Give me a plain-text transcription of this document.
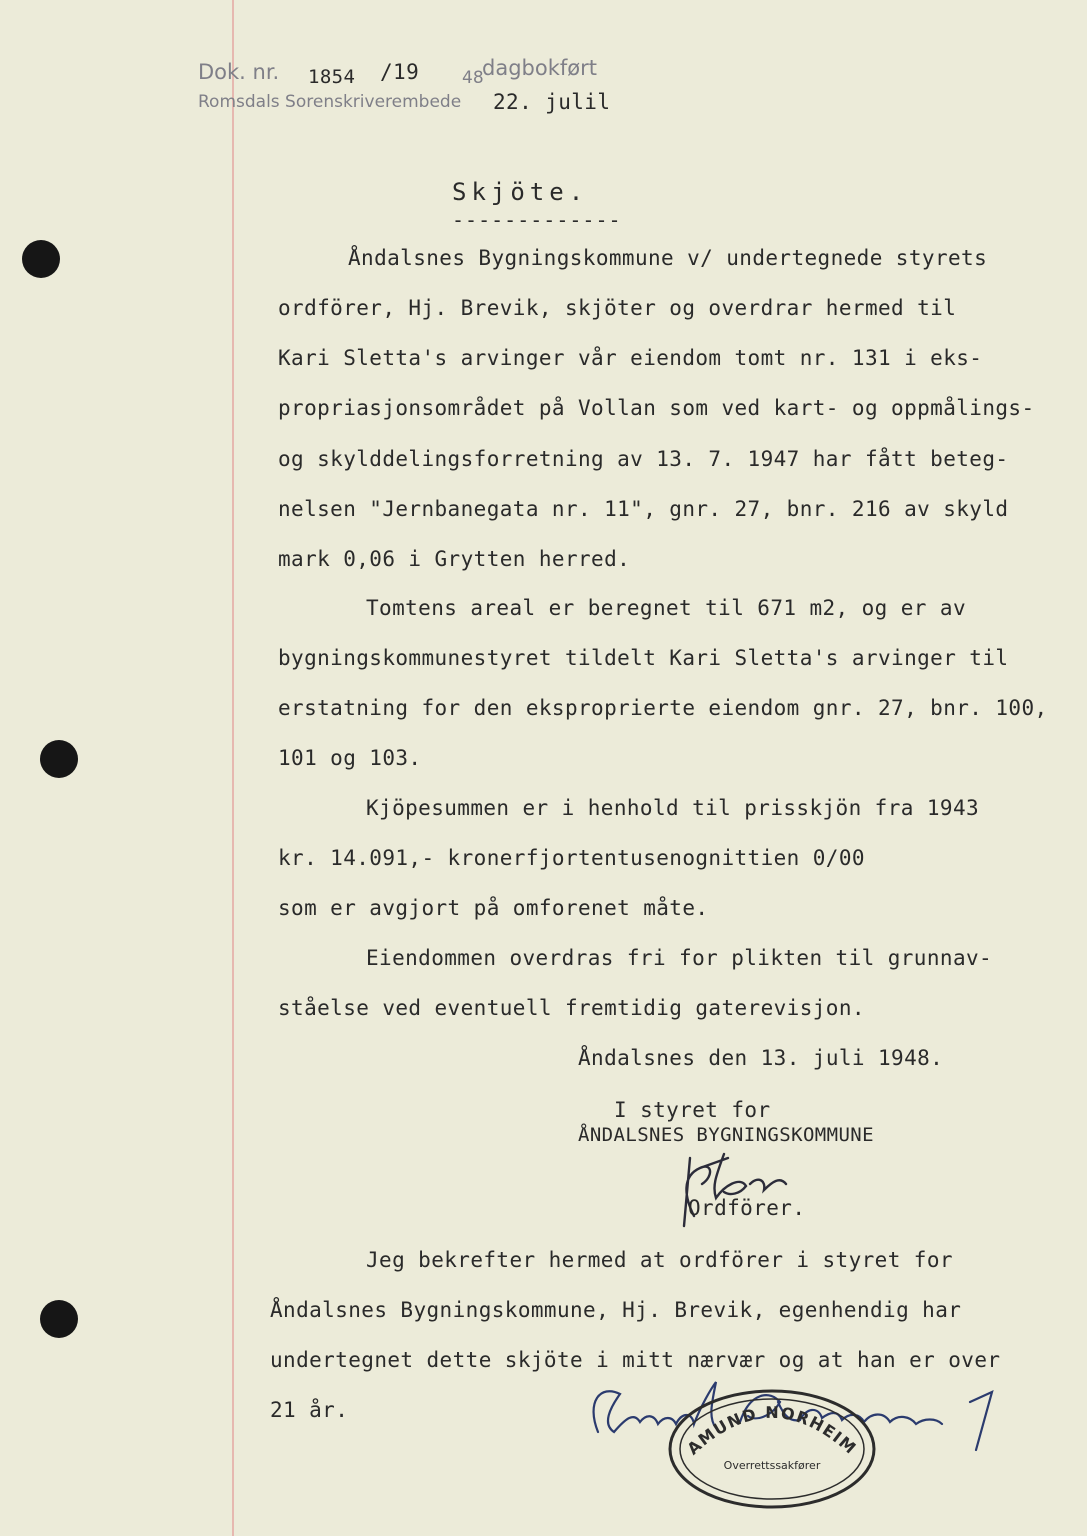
Dok. nr. 1854 /19	48
dagbokført
Romsdals Sorenskriverembede 22. julil
Skjöte.
-------------
Åndalsnes Bygningskommune v/ undertegnede styrets
ordförer, Hj. Brevik, skjöter og overdrar hermed til
Kari Sletta's arvinger vår eiendom tomt nr. 131 i eks-
propriasjonsområdet på Vollan som ved kart- og oppmålings-
og skylddelingsforretning av 13. 7. 1947 har fått beteg-
nelsen "Jernbanegata nr. 11", gnr. 27, bnr. 216 av skyld
mark 0,06 i Grytten herred.
Tomtens areal er beregnet til 671 m2, og er av
bygningskommunestyret tildelt Kari Sletta's arvinger til
erstatning for den eksproprierte eiendom gnr. 27, bnr. 100,
101 og 103.
Kjöpesummen er i henhold til prisskjön fra 1943
kr. 14.091,- kronerfjortentusenognittien 0/00
som er avgjort på omforenet måte.
Eiendommen overdras fri for plikten til grunnav-
ståelse ved eventuell fremtidig gaterevisjon.
Åndalsnes den 13. juli 1948.
I styret for
ÅNDALSNES BYGNINGSKOMMUNE
Ordförer.
Jeg bekrefter hermed at ordförer i styret for
Åndalsnes Bygningskommune, Hj. Brevik, egenhendig har
undertegnet dette skjöte i mitt nærvær og at han er over
21 år.
AMUND NORHEIM
Overrettssakfører
